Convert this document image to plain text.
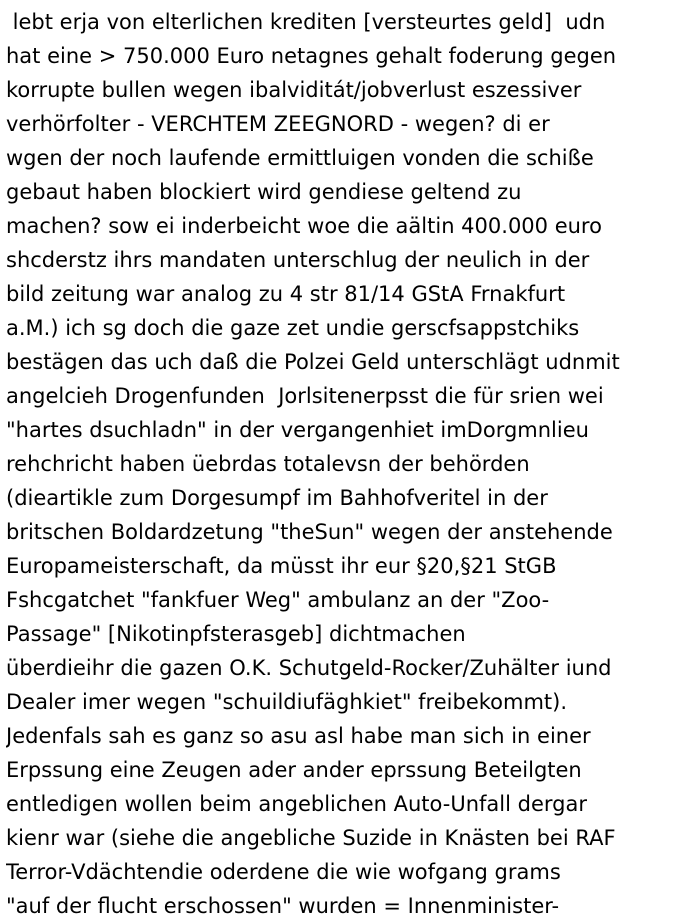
lebt erja von elterlichen krediten [versteurtes geld]  udn
hat eine > 750.000 Euro netagnes gehalt foderung gegen
korrupte bullen wegen ibalviditát/jobverlust eszessiver
verhörfolter - VERCHTEM ZEEGNORD - wegen? di er
wgen der noch laufende ermittluigen vonden die schiße
gebaut haben blockiert wird gendiese geltend zu
machen? sow ei inderbeicht woe die aältin 400.000 euro
shcderstz ihrs mandaten unterschlug der neulich in der
bild zeitung war analog zu 4 str 81/14 GStA Frnakfurt
a.M.) ich sg doch die gaze zet undie gerscfsappstchiks
bestägen das uch daß die Polzei Geld unterschlägt udnmit
angelcieh Drogenfunden  Jorlsitenerpsst die für srien wei
"hartes dsuchladn" in der vergangenhiet imDorgmnlieu
rehchricht haben üebrdas totalevsn der behörden
(dieartikle zum Dorgesumpf im Bahhofveritel in der
britschen Boldardzetung "theSun" wegen der anstehende
Europameisterschaft, da müsst ihr eur §20,§21 StGB
Fshcgatchet "fankfuer Weg" ambulanz an der "Zoo-
Passage" [Nikotinpfsterasgeb] dichtmachen
überdieihr die gazen O.K. Schutgeld-Rocker/Zuhälter iund
Dealer imer wegen "schuildiufäghkiet" freibekommt).
Jedenfals sah es ganz so asu asl habe man sich in einer
Erpssung eine Zeugen ader ander eprssung Beteilgten
entledigen wollen beim angeblichen Auto-Unfall dergar
kienr war (siehe die angebliche Suzide in Knästen bei RAF
Terror-Vdächtendie oderdene die wie wofgang grams
"auf der flucht erschossen" wurden = Innenminister-
